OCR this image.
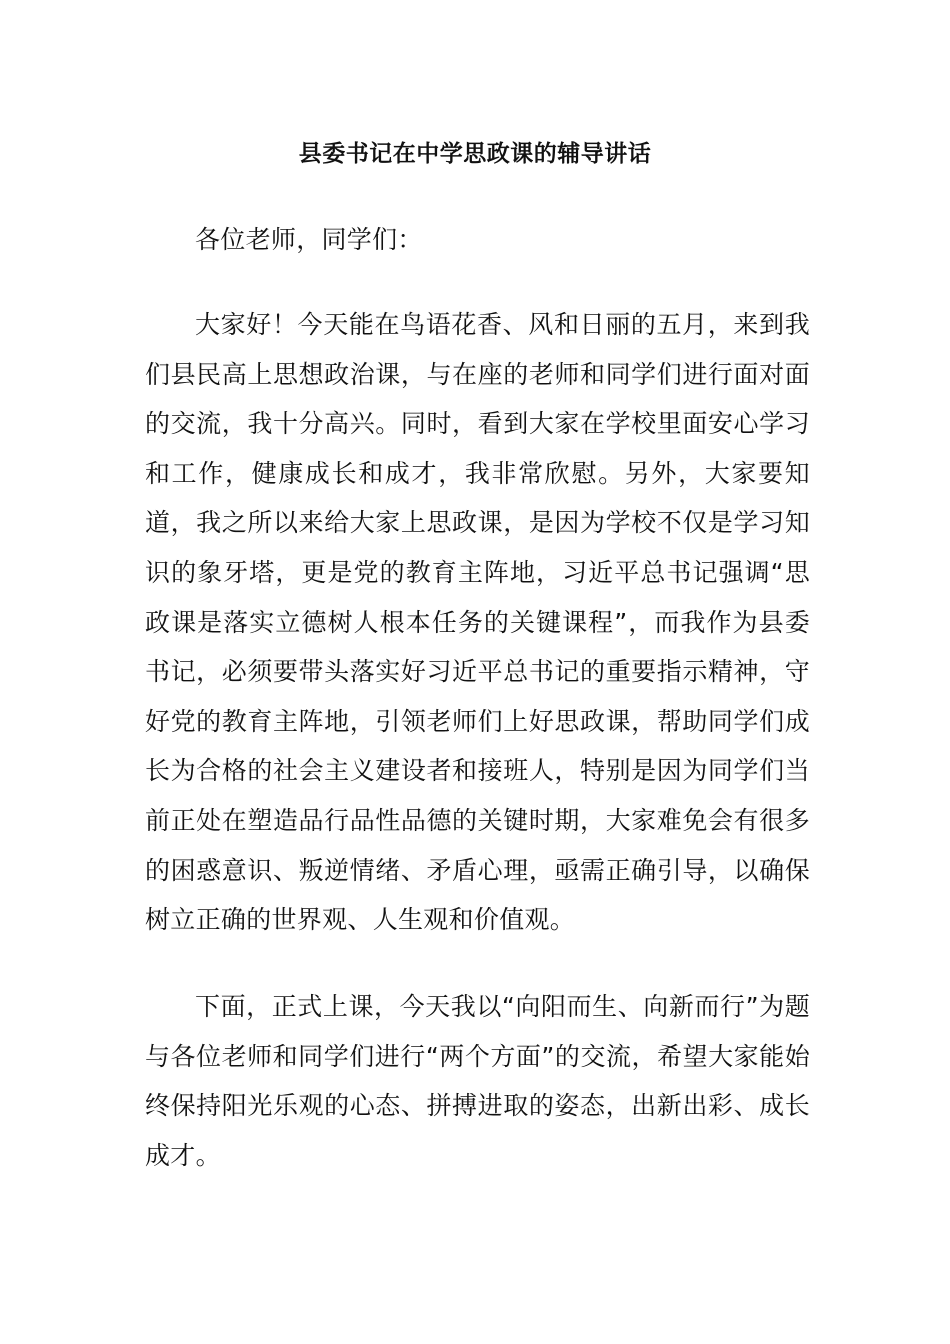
县委书记在中学思政课的辅导讲话

各位老师，同学们：

大家好！今天能在鸟语花香、风和日丽的五月，来到我们县民高上思想政治课，与在座的老师和同学们进行面对面的交流，我十分高兴。同时，看到大家在学校里面安心学习和工作，健康成长和成才，我非常欣慰。另外，大家要知道，我之所以来给大家上思政课，是因为学校不仅是学习知识的象牙塔，更是党的教育主阵地，习近平总书记强调“思政课是落实立德树人根本任务的关键课程”，而我作为县委书记，必须要带头落实好习近平总书记的重要指示精神，守好党的教育主阵地，引领老师们上好思政课，帮助同学们成长为合格的社会主义建设者和接班人，特别是因为同学们当前正处在塑造品行品性品德的关键时期，大家难免会有很多的困惑意识、叛逆情绪、矛盾心理，亟需正确引导，以确保树立正确的世界观、人生观和价值观。

下面，正式上课，今天我以“向阳而生、向新而行”为题与各位老师和同学们进行“两个方面”的交流，希望大家能始终保持阳光乐观的心态、拼搏进取的姿态，出新出彩、成长成才。
